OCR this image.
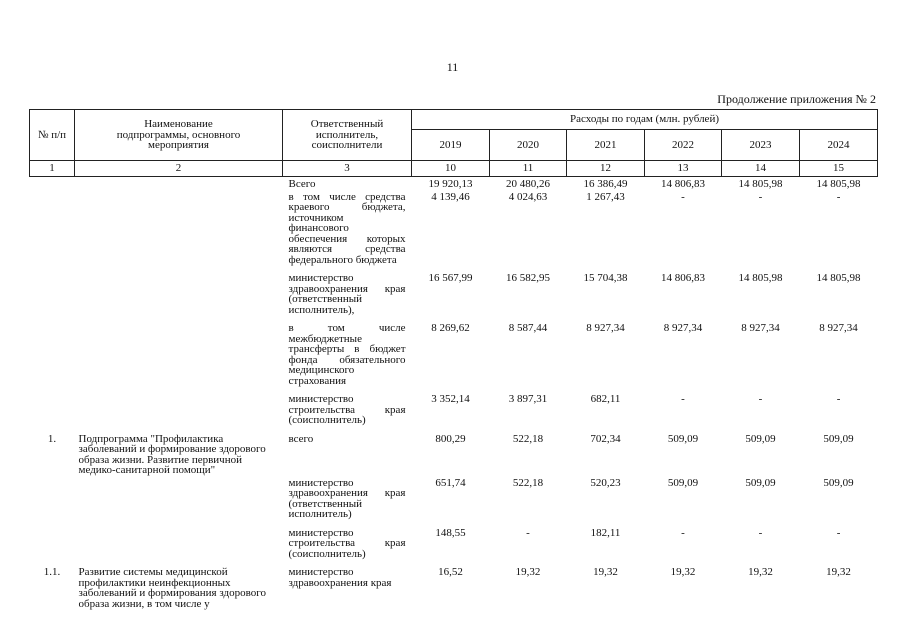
11
Продолжение приложения № 2
№ п/п	Наименование подпрограммы, основного мероприятия	Ответственный исполнитель, соисполнители	Расходы по годам (млн. рублей)					
			2019	2020	2021	2022	2023	2024
1	2	3	10	11	12	13	14	15
		Всего	19 920,13	20 480,26	16 386,49	14 806,83	14 805,98	14 805,98
		в том числе средства краевого бюджета, источником финансового обеспечения которых являются средства федерального бюджета	4 139,46	4 024,63	1 267,43	-	-	-
		министерство здравоохранения края (ответственный исполнитель),	16 567,99	16 582,95	15 704,38	14 806,83	14 805,98	14 805,98
		в том числе межбюджетные трансферты в бюджет фонда обязательного медицинского страхования	8 269,62	8 587,44	8 927,34	8 927,34	8 927,34	8 927,34
		министерство строительства края (соисполнитель)	3 352,14	3 897,31	682,11	-	-	-
1.	Подпрограмма "Профилактика заболеваний и формирование здорового образа жизни. Развитие первичной медико-санитарной помощи"	всего	800,29	522,18	702,34	509,09	509,09	509,09
		министерство здравоохранения края (ответственный исполнитель)	651,74	522,18	520,23	509,09	509,09	509,09
		министерство строительства края (соисполнитель)	148,55	-	182,11	-	-	-
1.1.	Развитие системы медицинской профилактики неинфекционных заболеваний и формирования здорового образа жизни, в том числе у	министерство здравоохранения края	16,52	19,32	19,32	19,32	19,32	19,32
